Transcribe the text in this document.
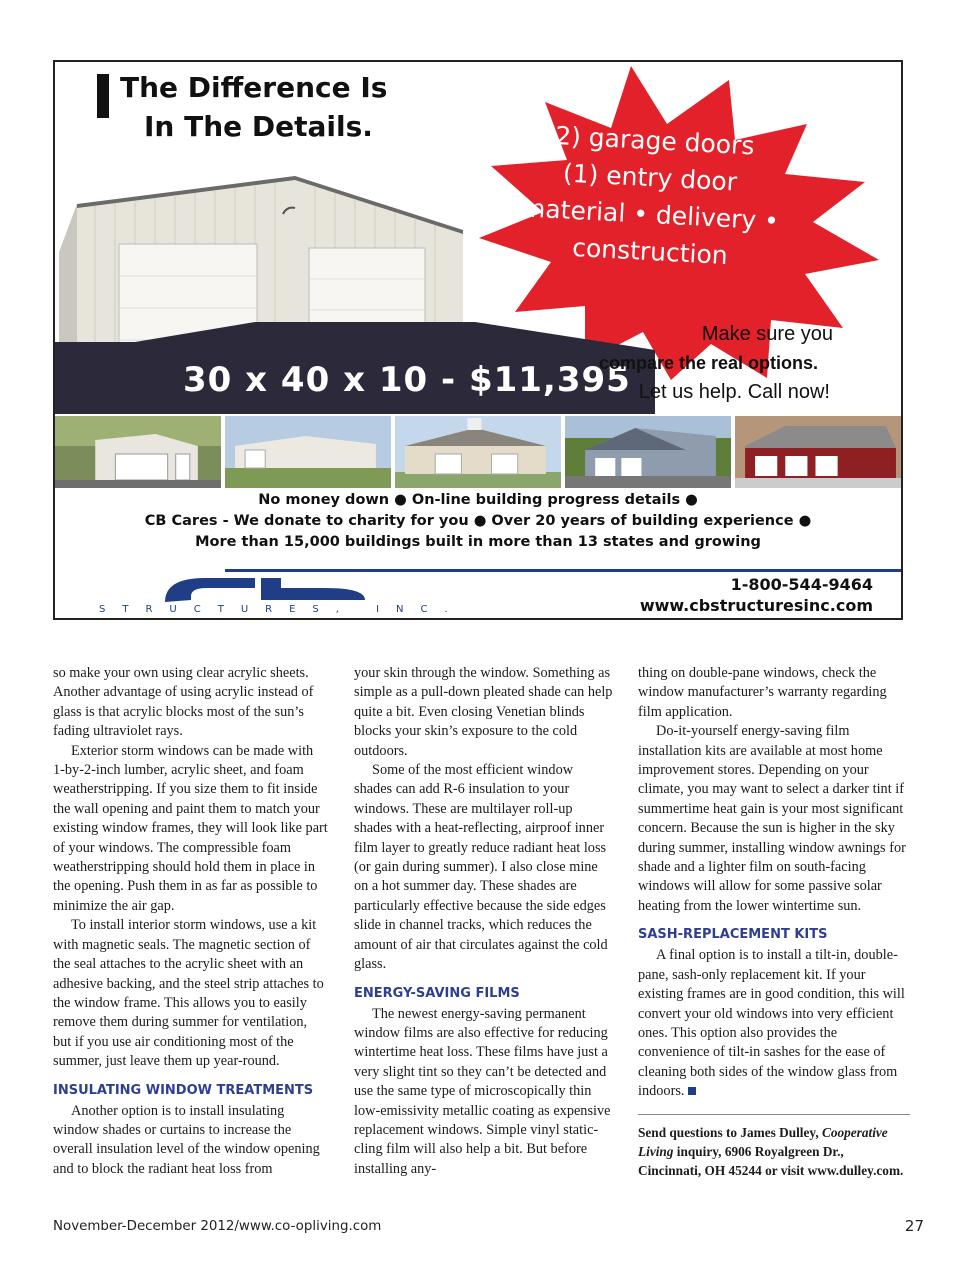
The Difference Is
In The Details.	(2) garage doors
(1) entry door
material • delivery •
construction
30 x 40 x 10 - $11,395
Make sure you
compare the real options.
Let us help. Call now!
No money down ● On-line building progress details ●
CB Cares - We donate to charity for you ● Over 20 years of building experience ●
More than 15,000 buildings built in more than 13 states and growing
STRUCTURES, INC.
1-800-544-9464
www.cbstructuresinc.com

so make your own using clear acrylic sheets. Another advantage of using acrylic instead of glass is that acrylic blocks most of the sun’s fading ultraviolet rays.

Exterior storm windows can be made with 1-by-2-inch lumber, acrylic sheet, and foam weatherstripping. If you size them to fit inside the wall opening and paint them to match your existing window frames, they will look like part of your windows. The compressible foam weatherstripping should hold them in place in the opening. Push them in as far as possible to minimize the air gap.

To install interior storm windows, use a kit with magnetic seals. The magnetic section of the seal attaches to the acrylic sheet with an adhesive backing, and the steel strip attaches to the window frame. This allows you to easily remove them during summer for ventilation, but if you use air conditioning most of the summer, just leave them up year-round.

INSULATING WINDOW TREATMENTS

Another option is to install insulating window shades or curtains to increase the overall insulation level of the window opening and to block the radiant heat loss from

your skin through the window. Something as simple as a pull-down pleated shade can help quite a bit. Even closing Venetian blinds blocks your skin’s exposure to the cold outdoors.

Some of the most efficient window shades can add R-6 insulation to your windows. These are multilayer roll-up shades with a heat-reflecting, airproof inner film layer to greatly reduce radiant heat loss (or gain during summer). I also close mine on a hot summer day. These shades are particularly effective because the side edges slide in channel tracks, which reduces the amount of air that circulates against the cold glass.

ENERGY-SAVING FILMS

The newest energy-saving permanent window films are also effective for reducing wintertime heat loss. These films have just a very slight tint so they can’t be detected and use the same type of microscopically thin low-emissivity metallic coating as expensive replacement windows. Simple vinyl static-cling film will also help a bit. But before installing any-

thing on double-pane windows, check the window manufacturer’s warranty regarding film application.

Do-it-yourself energy-saving film installation kits are available at most home improvement stores. Depending on your climate, you may want to select a darker tint if summertime heat gain is your most significant concern. Because the sun is higher in the sky during summer, installing window awnings for shade and a lighter film on south-facing windows will allow for some passive solar heating from the lower wintertime sun.

SASH-REPLACEMENT KITS

A final option is to install a tilt-in, double-pane, sash-only replacement kit. If your existing frames are in good condition, this will convert your old windows into very efficient ones. This option also provides the convenience of tilt-in sashes for the ease of cleaning both sides of the window glass from indoors.

Send questions to James Dulley, Cooperative Living inquiry, 6906 Royalgreen Dr., Cincinnati, OH 45244 or visit www.dulley.com.
November-December 2012/www.co-opliving.com	27
